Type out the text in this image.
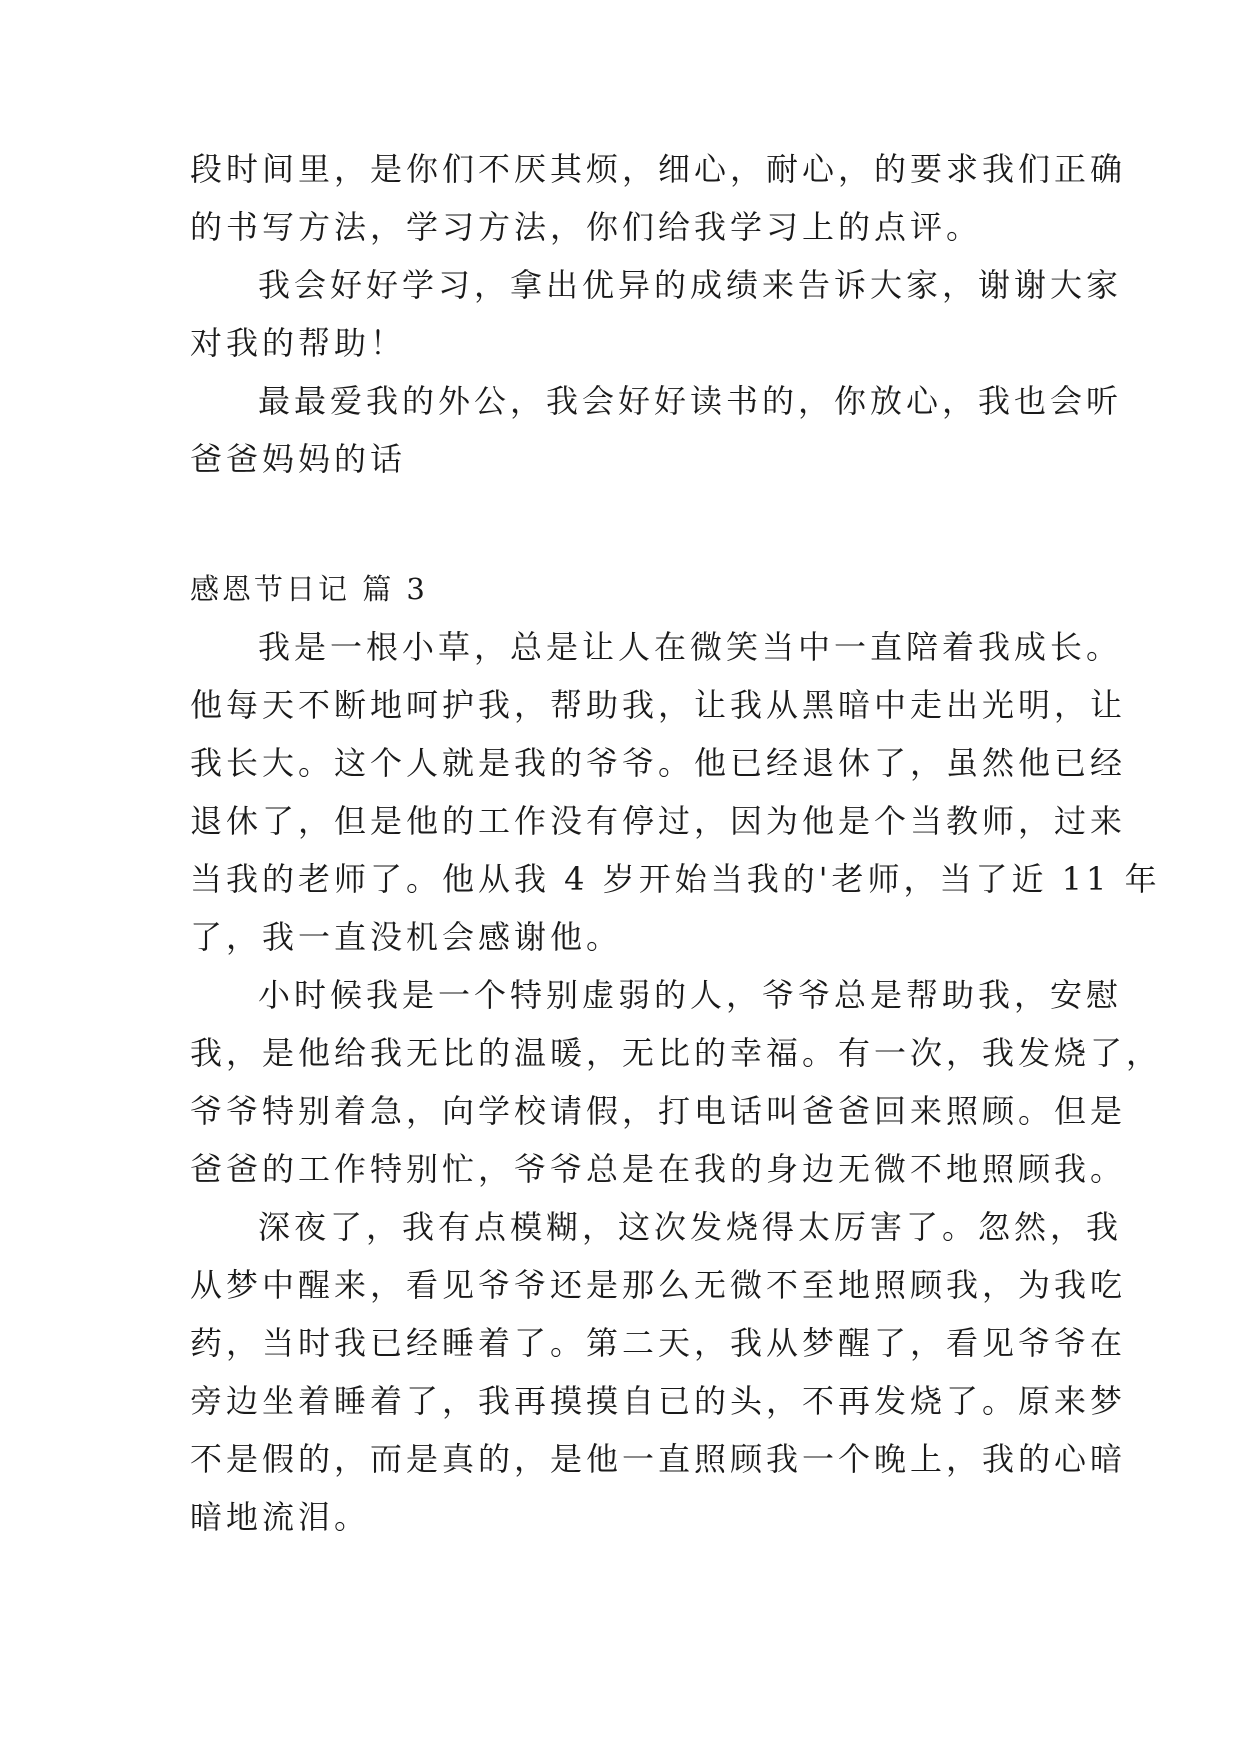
段时间里，是你们不厌其烦，细心，耐心，的要求我们正确
的书写方法，学习方法，你们给我学习上的点评。
我会好好学习，拿出优异的成绩来告诉大家，谢谢大家
对我的帮助！
最最爱我的外公，我会好好读书的，你放心，我也会听
爸爸妈妈的话
感恩节日记 篇 3
我是一根小草，总是让人在微笑当中一直陪着我成长。
他每天不断地呵护我，帮助我，让我从黑暗中走出光明，让
我长大。这个人就是我的爷爷。他已经退休了，虽然他已经
退休了，但是他的工作没有停过，因为他是个当教师，过来
当我的老师了。他从我 4 岁开始当我的'老师，当了近 11 年
了，我一直没机会感谢他。
小时候我是一个特别虚弱的人，爷爷总是帮助我，安慰
我，是他给我无比的温暖，无比的幸福。有一次，我发烧了，
爷爷特别着急，向学校请假，打电话叫爸爸回来照顾。但是
爸爸的工作特别忙，爷爷总是在我的身边无微不地照顾我。
深夜了，我有点模糊，这次发烧得太厉害了。忽然，我
从梦中醒来，看见爷爷还是那么无微不至地照顾我，为我吃
药，当时我已经睡着了。第二天，我从梦醒了，看见爷爷在
旁边坐着睡着了，我再摸摸自已的头，不再发烧了。原来梦
不是假的，而是真的，是他一直照顾我一个晚上，我的心暗
暗地流泪。
